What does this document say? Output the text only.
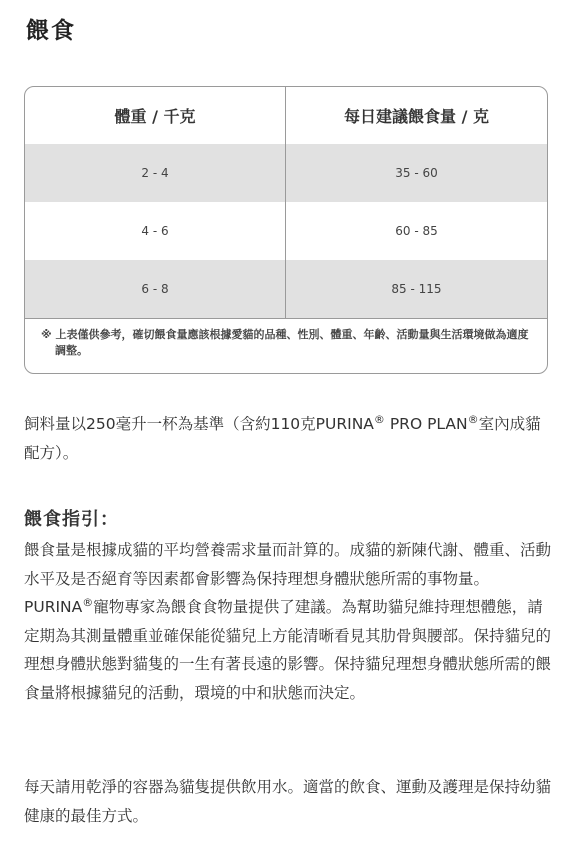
餵食
體重 / 千克	每日建議餵食量 / 克
2 - 4	35 - 60
4 - 6	60 - 85
6 - 8	85 - 115
※ 上表僅供參考，確切餵食量應該根據愛貓的品種、性別、體重、年齡、活動量與生活環境做為適度調整。

飼料量以250毫升一杯為基準（含約110克PURINA® PRO PLAN®室內成貓配方）。

餵食指引：

餵食量是根據成貓的平均營養需求量而計算的。成貓的新陳代謝、體重、活動水平及是否絕育等因素都會影響為保持理想身體狀態所需的事物量。PURINA®寵物專家為餵食食物量提供了建議。為幫助貓兒維持理想體態，請定期為其測量體重並確保能從貓兒上方能清晰看見其肋骨與腰部。保持貓兒的理想身體狀態對貓隻的一生有著長遠的影響。保持貓兒理想身體狀態所需的餵食量將根據貓兒的活動，環境的中和狀態而決定。

每天請用乾淨的容器為貓隻提供飲用水。適當的飲食、運動及護理是保持幼貓健康的最佳方式。
